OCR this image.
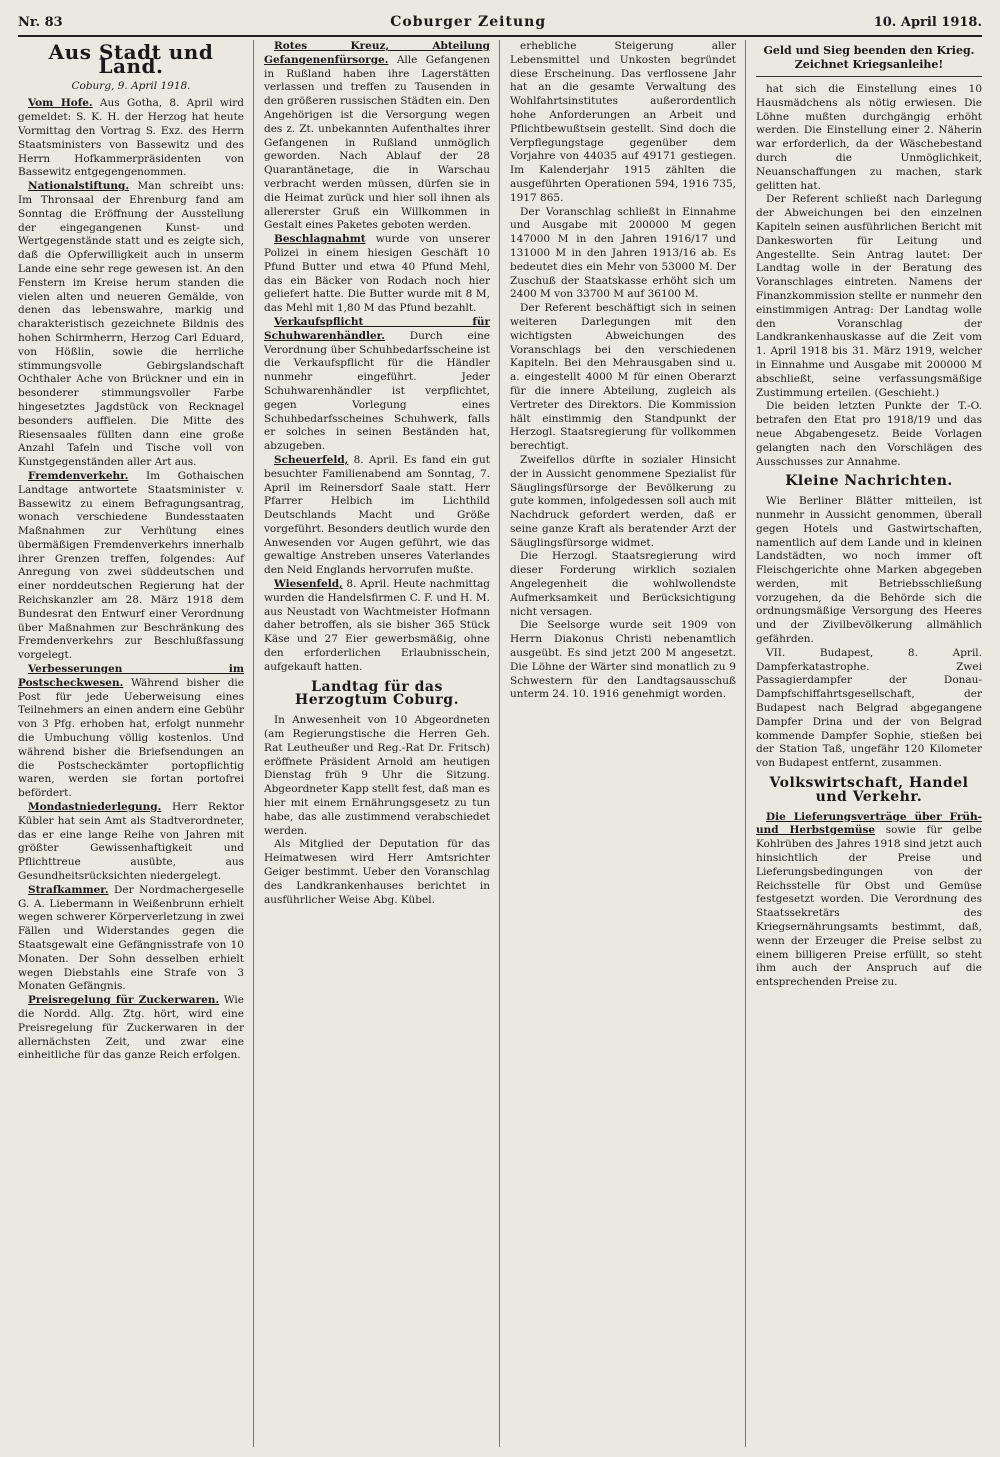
Nr. 83	Coburger Zeitung	10. April 1918.
Aus Stadt und Land.
Coburg, 9. April 1918.

Vom Hofe. Aus Gotha, 8. April wird gemeldet: S. K. H. der Herzog hat heute Vormittag den Vortrag S. Exz. des Herrn Staatsministers von Bassewitz und des Herrn Hofkammerpräsidenten von Bassewitz entgegengenommen.

Nationalstiftung. Man schreibt uns: Im Thronsaal der Ehrenburg fand am Sonntag die Eröffnung der Ausstellung der eingegangenen Kunst- und Wertgegenstände statt und es zeigte sich, daß die Opferwilligkeit auch in unserm Lande eine sehr rege gewesen ist. An den Fenstern im Kreise herum standen die vielen alten und neueren Gemälde, von denen das lebenswahre, markig und charakteristisch gezeichnete Bildnis des hohen Schirmherrn, Herzog Carl Eduard, von Hößlin, sowie die herrliche stimmungsvolle Gebirgslandschaft Ochthaler Ache von Brückner und ein in besonderer stimmungsvoller Farbe hingesetztes Jagdstück von Recknagel besonders auffielen. Die Mitte des Riesensaales füllten dann eine große Anzahl Tafeln und Tische voll von Kunstgegenständen aller Art aus.

Fremdenverkehr. Im Gothaischen Landtage antwortete Staatsminister v. Bassewitz zu einem Befragungsantrag, wonach verschiedene Bundesstaaten Maßnahmen zur Verhütung eines übermäßigen Fremdenverkehrs innerhalb ihrer Grenzen treffen, folgendes: Auf Anregung von zwei süddeutschen und einer norddeutschen Regierung hat der Reichskanzler am 28. März 1918 dem Bundesrat den Entwurf einer Verordnung über Maßnahmen zur Beschränkung des Fremdenverkehrs zur Beschlußfassung vorgelegt.

Verbesserungen im Postscheckwesen. Während bisher die Post für jede Ueberweisung eines Teilnehmers an einen andern eine Gebühr von 3 Pfg. erhoben hat, erfolgt nunmehr die Umbuchung völlig kostenlos. Und während bisher die Briefsendungen an die Postscheckämter portopflichtig waren, werden sie fortan portofrei befördert.

Mondastniederlegung. Herr Rektor Kübler hat sein Amt als Stadtverordneter, das er eine lange Reihe von Jahren mit größter Gewissenhaftigkeit und Pflichttreue ausübte, aus Gesundheitsrücksichten niedergelegt.

Strafkammer. Der Nordmachergeselle G. A. Liebermann in Weißenbrunn erhielt wegen schwerer Körperverletzung in zwei Fällen und Widerstandes gegen die Staatsgewalt eine Gefängnisstrafe von 10 Monaten. Der Sohn desselben erhielt wegen Diebstahls eine Strafe von 3 Monaten Gefängnis.

Preisregelung für Zuckerwaren. Wie die Nordd. Allg. Ztg. hört, wird eine Preisregelung für Zuckerwaren in der allernächsten Zeit, und zwar eine einheitliche für das ganze Reich erfolgen.

Rotes Kreuz, Abteilung Gefangenenfürsorge. Alle Gefangenen in Rußland haben ihre Lagerstätten verlassen und treffen zu Tausenden in den größeren russischen Städten ein. Den Angehörigen ist die Versorgung wegen des z. Zt. unbekannten Aufenthaltes ihrer Gefangenen in Rußland unmöglich geworden. Nach Ablauf der 28 Quarantänetage, die in Warschau verbracht werden müssen, dürfen sie in die Heimat zurück und hier soll ihnen als allererster Gruß ein Willkommen in Gestalt eines Paketes geboten werden.

Beschlagnahmt wurde von unserer Polizei in einem hiesigen Geschäft 10 Pfund Butter und etwa 40 Pfund Mehl, das ein Bäcker von Rodach noch hier geliefert hatte. Die Butter wurde mit 8 M, das Mehl mit 1,80 M das Pfund bezahlt.

Verkaufspflicht für Schuhwarenhändler. Durch eine Verordnung über Schuhbedarfsscheine ist die Verkaufspflicht für die Händler nunmehr eingeführt. Jeder Schuhwarenhändler ist verpflichtet, gegen Vorlegung eines Schuhbedarfsscheines Schuhwerk, falls er solches in seinen Beständen hat, abzugeben.

Scheuerfeld, 8. April. Es fand ein gut besuchter Familienabend am Sonntag, 7. April im Reinersdorf Saale statt. Herr Pfarrer Helbich im Lichthild Deutschlands Macht und Größe vorgeführt. Besonders deutlich wurde den Anwesenden vor Augen geführt, wie das gewaltige Anstreben unseres Vaterlandes den Neid Englands hervorrufen mußte.

Wiesenfeld, 8. April. Heute nachmittag wurden die Handelsfirmen C. F. und H. M. aus Neustadt von Wachtmeister Hofmann daher betroffen, als sie bisher 365 Stück Käse und 27 Eier gewerbsmäßig, ohne den erforderlichen Erlaubnisschein, aufgekauft hatten.

Landtag für das Herzogtum Coburg.

In Anwesenheit von 10 Abgeordneten (am Regierungstische die Herren Geh. Rat Leutheußer und Reg.-Rat Dr. Fritsch) eröffnete Präsident Arnold am heutigen Dienstag früh 9 Uhr die Sitzung. Abgeordneter Kapp stellt fest, daß man es hier mit einem Ernährungsgesetz zu tun habe, das alle zustimmend verabschiedet werden.

Als Mitglied der Deputation für das Heimatwesen wird Herr Amtsrichter Geiger bestimmt. Ueber den Voranschlag des Landkrankenhauses berichtet in ausführlicher Weise Abg. Kübel.

erhebliche Steigerung aller Lebensmittel und Unkosten begründet diese Erscheinung. Das verflossene Jahr hat an die gesamte Verwaltung des Wohlfahrtsinstitutes außerordentlich hohe Anforderungen an Arbeit und Pflichtbewußtsein gestellt. Sind doch die Verpflegungstage gegenüber dem Vorjahre von 44035 auf 49171 gestiegen. Im Kalenderjahr 1915 zählten die ausgeführten Operationen 594, 1916 735, 1917 865.

Der Voranschlag schließt in Einnahme und Ausgabe mit 200000 M gegen 147000 M in den Jahren 1916/17 und 131000 M in den Jahren 1913/16 ab. Es bedeutet dies ein Mehr von 53000 M. Der Zuschuß der Staatskasse erhöht sich um 2400 M von 33700 M auf 36100 M.

Der Referent beschäftigt sich in seinen weiteren Darlegungen mit den wichtigsten Abweichungen des Voranschlags bei den verschiedenen Kapiteln. Bei den Mehrausgaben sind u. a. eingestellt 4000 M für einen Oberarzt für die innere Abteilung, zugleich als Vertreter des Direktors. Die Kommission hält einstimmig den Standpunkt der Herzogl. Staatsregierung für vollkommen berechtigt.

Zweifellos dürfte in sozialer Hinsicht der in Aussicht genommene Spezialist für Säuglingsfürsorge der Bevölkerung zu gute kommen, infolgedessen soll auch mit Nachdruck gefordert werden, daß er seine ganze Kraft als beratender Arzt der Säuglingsfürsorge widmet.

Die Herzogl. Staatsregierung wird dieser Forderung wirklich sozialen Angelegenheit die wohlwollendste Aufmerksamkeit und Berücksichtigung nicht versagen.

Die Seelsorge wurde seit 1909 von Herrn Diakonus Christi nebenamtlich ausgeübt. Es sind jetzt 200 M angesetzt. Die Löhne der Wärter sind monatlich zu 9 Schwestern für den Landtagsausschuß unterm 24. 10. 1916 genehmigt worden.

Geld und Sieg beenden den Krieg.
Zeichnet Kriegsanleihe!

hat sich die Einstellung eines 10 Hausmädchens als nötig erwiesen. Die Löhne mußten durchgängig erhöht werden. Die Einstellung einer 2. Näherin war erforderlich, da der Wäschebestand durch die Unmöglichkeit, Neuanschaffungen zu machen, stark gelitten hat.

Der Referent schließt nach Darlegung der Abweichungen bei den einzelnen Kapiteln seinen ausführlichen Bericht mit Dankesworten für Leitung und Angestellte. Sein Antrag lautet: Der Landtag wolle in der Beratung des Voranschlages eintreten. Namens der Finanzkommission stellte er nunmehr den einstimmigen Antrag: Der Landtag wolle den Voranschlag der Landkrankenhauskasse auf die Zeit vom 1. April 1918 bis 31. März 1919, welcher in Einnahme und Ausgabe mit 200000 M abschließt, seine verfassungsmäßige Zustimmung erteilen. (Geschieht.)

Die beiden letzten Punkte der T.-O. betrafen den Etat pro 1918/19 und das neue Abgabengesetz. Beide Vorlagen gelangten nach den Vorschlägen des Ausschusses zur Annahme.

Kleine Nachrichten.

Wie Berliner Blätter mitteilen, ist nunmehr in Aussicht genommen, überall gegen Hotels und Gastwirtschaften, namentlich auf dem Lande und in kleinen Landstädten, wo noch immer oft Fleischgerichte ohne Marken abgegeben werden, mit Betriebsschließung vorzugehen, da die Behörde sich die ordnungsmäßige Versorgung des Heeres und der Zivilbevölkerung allmählich gefährden.

VII. Budapest, 8. April. Dampferkatastrophe. Zwei Passagierdampfer der Donau-Dampfschiffahrtsgesellschaft, der Budapest nach Belgrad abgegangene Dampfer Drina und der von Belgrad kommende Dampfer Sophie, stießen bei der Station Taß, ungefähr 120 Kilometer von Budapest entfernt, zusammen.

Volkswirtschaft, Handel und Verkehr.

Die Lieferungsverträge über Früh- und Herbstgemüse sowie für gelbe Kohlrüben des Jahres 1918 sind jetzt auch hinsichtlich der Preise und Lieferungsbedingungen von der Reichsstelle für Obst und Gemüse festgesetzt worden. Die Verordnung des Staatssekretärs des Kriegsernährungsamts bestimmt, daß, wenn der Erzeuger die Preise selbst zu einem billigeren Preise erfüllt, so steht ihm auch der Anspruch auf die entsprechenden Preise zu.
